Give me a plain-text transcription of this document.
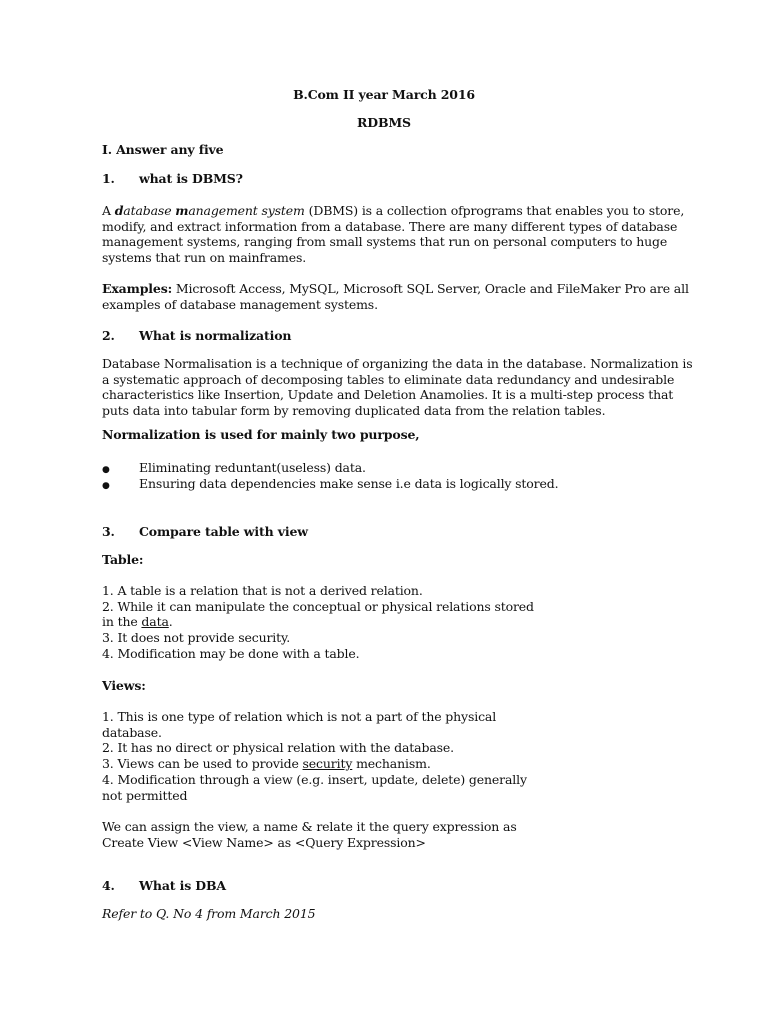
B.Com II year March 2016
RDBMS
I. Answer any five
1. what is DBMS?
A database management system (DBMS) is a collection ofprograms that enables you to store,
modify, and extract information from a database. There are many different types of database
management systems, ranging from small systems that run on personal computers to huge
systems that run on mainframes.
Examples: Microsoft Access, MySQL, Microsoft SQL Server, Oracle and FileMaker Pro are all
examples of database management systems.
2. What is normalization
Database Normalisation is a technique of organizing the data in the database. Normalization is
a systematic approach of decomposing tables to eliminate data redundancy and undesirable
characteristics like Insertion, Update and Deletion Anamolies. It is a multi-step process that
puts data into tabular form by removing duplicated data from the relation tables.
Normalization is used for mainly two purpose,
● Eliminating reduntant(useless) data.
● Ensuring data dependencies make sense i.e data is logically stored.
3. Compare table with view
Table:
1. A table is a relation that is not a derived relation.
2. While it can manipulate the conceptual or physical relations stored
in the data.
3. It does not provide security.
4. Modification may be done with a table.
Views:
1. This is one type of relation which is not a part of the physical
database.
2. It has no direct or physical relation with the database.
3. Views can be used to provide security mechanism.
4. Modification through a view (e.g. insert, update, delete) generally
not permitted
We can assign the view, a name & relate it the query expression as
Create View <View Name> as <Query Expression>
4. What is DBA
Refer to Q. No 4 from March 2015
